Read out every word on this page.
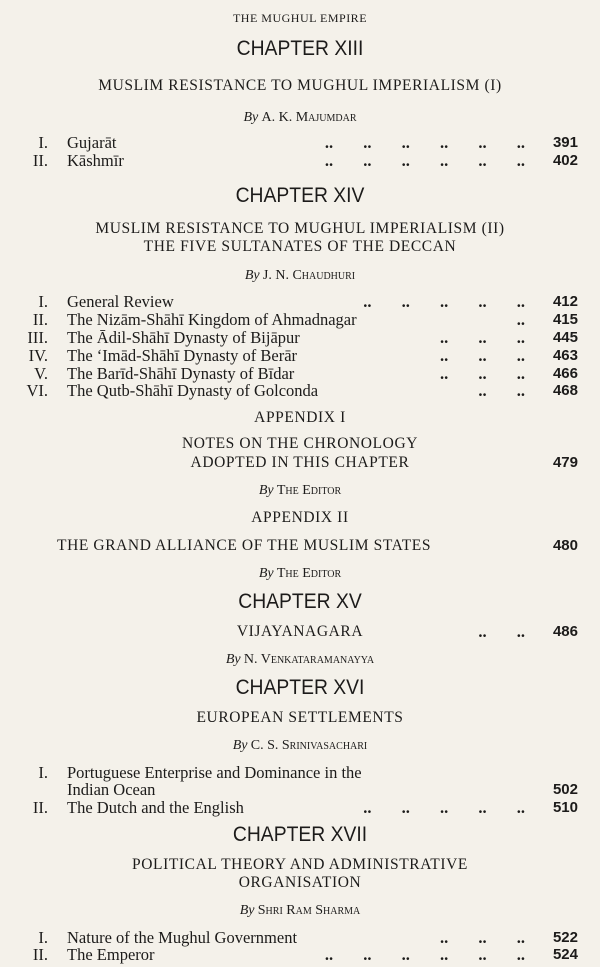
THE MUGHUL EMPIRE
CHAPTER XIII
MUSLIM RESISTANCE TO MUGHUL IMPERIALISM (I)
By A. K. Majumdar
I. Gujarāt .. ..	391
II. Kāshmīr .. ..	402
CHAPTER XIV
MUSLIM RESISTANCE TO MUGHUL IMPERIALISM (II)
THE FIVE SULTANATES OF THE DECCAN
By J. N. Chaudhuri
I. General Review .. ..	412
II. The Nizām-Shāhī Kingdom of Ahmadnagar ..	415
III. The Ādil-Shāhī Dynasty of Bijāpur .. .. ..	445
IV. The ‘Imād-Shāhī Dynasty of Berār .. .. ..	463
V. The Barīd-Shāhī Dynasty of Bīdar .. .. ..	466
VI. The Qutb-Shāhī Dynasty of Golconda .. ..	468
APPENDIX I
NOTES ON THE CHRONOLOGY
ADOPTED IN THIS CHAPTER	479
By The Editor
APPENDIX II
THE GRAND ALLIANCE OF THE MUSLIM STATES	480
By The Editor
CHAPTER XV
VIJAYANAGARA .. ..	486
By N. Venkataramanayya
CHAPTER XVI
EUROPEAN SETTLEMENTS
By C. S. Srinivasachari
I. Portuguese Enterprise and Dominance in the
Indian Ocean	502
II. The Dutch and the English .. ..	510
CHAPTER XVII
POLITICAL THEORY AND ADMINISTRATIVE
ORGANISATION
By Shri Ram Sharma
I. Nature of the Mughul Government .. .. ..	522
II. The Emperor .. ..	524
